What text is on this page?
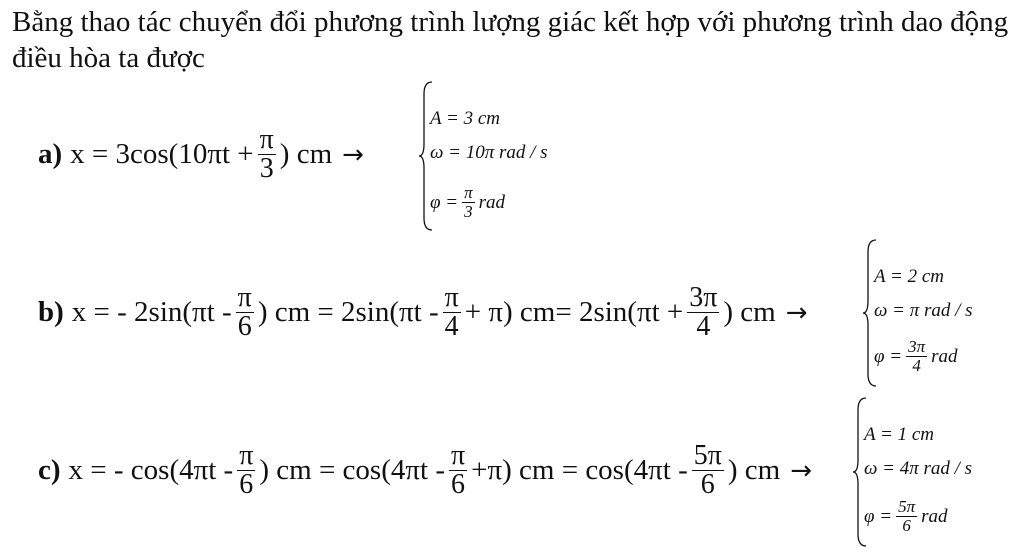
Bằng thao tác chuyển đổi phương trình lượng giác kết hợp với phương trình dao động điều hòa ta được
a) $x = 3\cos(10\pi t + \frac{\pi}{3}$ ) cm →
A = 3 cm
ω = 10π rad / s
$\varphi = \frac{\pi}{3}$ rad
b) x = - $2\sin(\pi t - \frac{\pi}{6}$ ) cm = $2\sin(\pi t - \frac{\pi}{4} + \pi)$ $cm= 2\sin(\pi t + \frac{3\pi}{4}$ ) cm →
A = 2 cm
ω = π rad / s
$\varphi = \frac{3\pi}{4}$ rad
c) x = - $\cos(4\pi t - \frac{\pi}{6}$ ) cm = $\cos(4\pi t - \frac{\pi}{6} +\pi)$ cm = $\cos(4\pi t - \frac{5\pi}{6}$ ) cm →
A = 1 cm
ω = 4π rad / s
$\varphi = \frac{5\pi}{6}$ rad
